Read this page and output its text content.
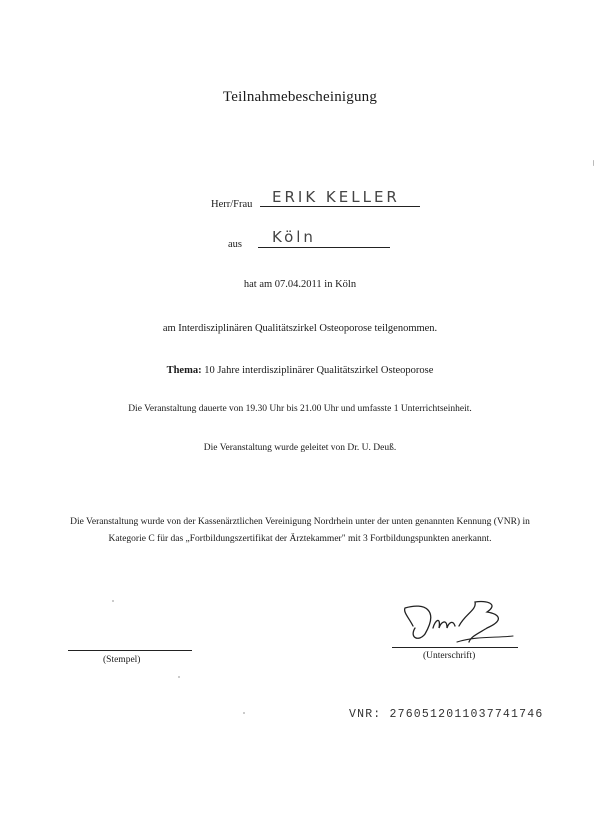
Teilnahmebescheinigung
Herr/Frau ERIK KELLER
aus Köln
hat am 07.04.2011 in Köln
am Interdisziplinären Qualitätszirkel Osteoporose teilgenommen.
Thema: 10 Jahre interdisziplinärer Qualitätszirkel Osteoporose
Die Veranstaltung dauerte von 19.30 Uhr bis 21.00 Uhr und umfasste 1 Unterrichtseinheit.
Die Veranstaltung wurde geleitet von Dr. U. Deuß.
Die Veranstaltung wurde von der Kassenärztlichen Vereinigung Nordrhein unter der unten genannten Kennung (VNR) in
Kategorie C für das „Fortbildungszertifikat der Ärztekammer" mit 3 Fortbildungspunkten anerkannt.
(Stempel)	(Unterschrift)
VNR: 2760512011037741746
